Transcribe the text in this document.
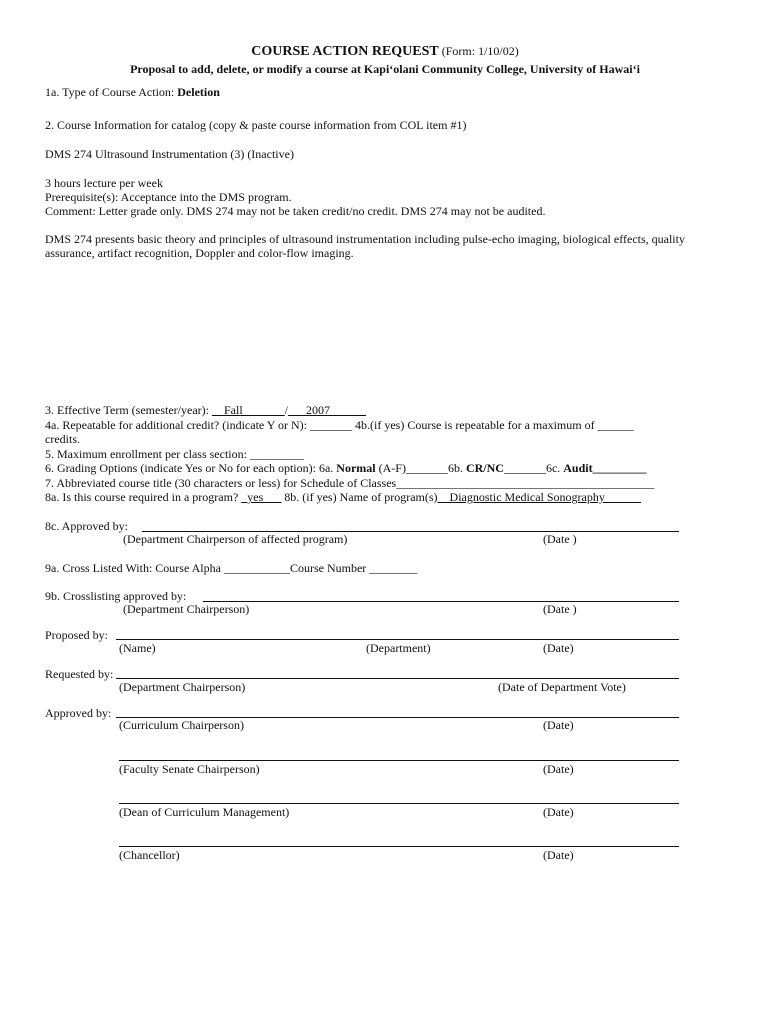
COURSE ACTION REQUEST (Form: 1/10/02)
Proposal to add, delete, or modify a course at Kapi‘olani Community College, University of Hawai‘i
1a. Type of Course Action: Deletion
2. Course Information for catalog (copy & paste course information from COL item #1)
DMS 274 Ultrasound Instrumentation (3) (Inactive)
3 hours lecture per week
Prerequisite(s): Acceptance into the DMS program.
Comment: Letter grade only. DMS 274 may not be taken credit/no credit. DMS 274 may not be audited.
DMS 274 presents basic theory and principles of ultrasound instrumentation including pulse-echo imaging, biological effects, quality assurance, artifact recognition, Doppler and color-flow imaging.
3. Effective Term (semester/year): __Fall_______/___2007______
4a. Repeatable for additional credit? (indicate Y or N): _______ 4b.(if yes) Course is repeatable for a maximum of ______
credits.
5. Maximum enrollment per class section: _________
6. Grading Options (indicate Yes or No for each option): 6a. Normal (A-F)_______6b. CR/NC_______6c. Audit_________
7. Abbreviated course title (30 characters or less) for Schedule of Classes___________________________________________
8a. Is this course required in a program? _yes___ 8b. (if yes) Name of program(s)__Diagnostic Medical Sonography______
8c. Approved by:
(Department Chairperson of affected program)	(Date )
9a. Cross Listed With: Course Alpha ___________Course Number ________
9b. Crosslisting approved by:
(Department Chairperson)	(Date )
Proposed by:
(Name)	(Department)	(Date)
Requested by:
(Department Chairperson)	(Date of Department Vote)
Approved by:
(Curriculum Chairperson)	(Date)
(Faculty Senate Chairperson)	(Date)
(Dean of Curriculum Management)	(Date)
(Chancellor)	(Date)
